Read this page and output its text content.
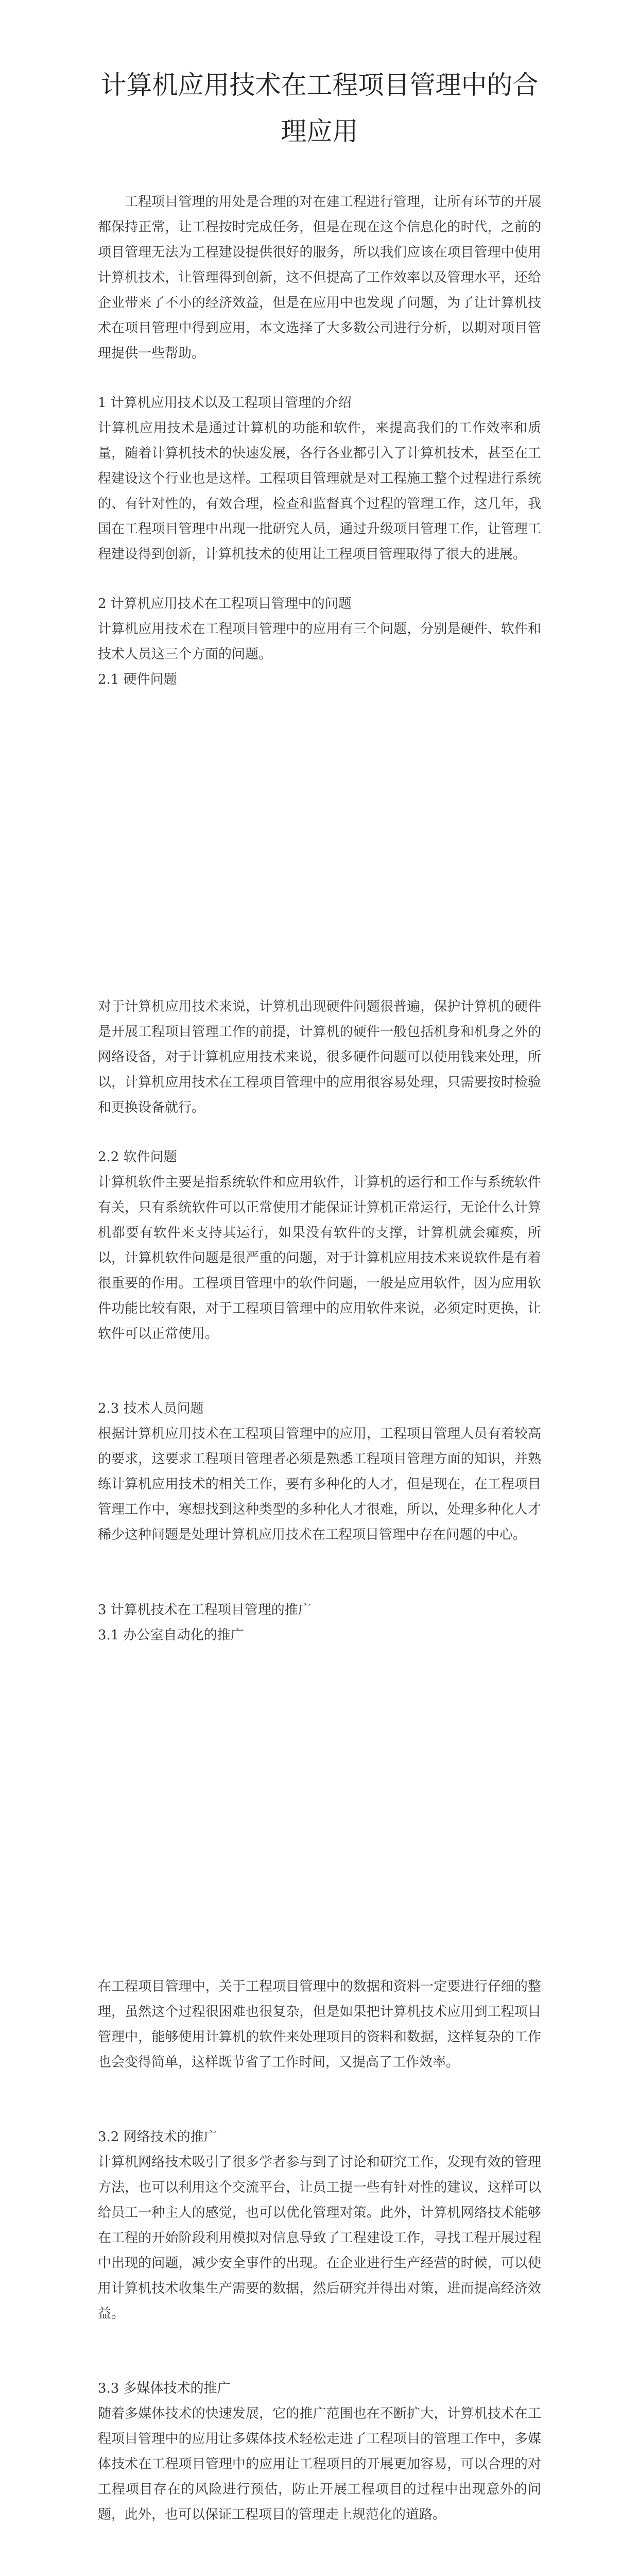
计算机应用技术在工程项目管理中的合理应用

工程项目管理的用处是合理的对在建工程进行管理，让所有环节的开展都保持正常，让工程按时完成任务，但是在现在这个信息化的时代，之前的项目管理无法为工程建设提供很好的服务，所以我们应该在项目管理中使用计算机技术，让管理得到创新，这不但提高了工作效率以及管理水平，还给企业带来了不小的经济效益，但是在应用中也发现了问题，为了让计算机技术在项目管理中得到应用，本文选择了大多数公司进行分析，以期对项目管理提供一些帮助。

1 计算机应用技术以及工程项目管理的介绍

计算机应用技术是通过计算机的功能和软件，来提高我们的工作效率和质量，随着计算机技术的快速发展，各行各业都引入了计算机技术，甚至在工程建设这个行业也是这样。工程项目管理就是对工程施工整个过程进行系统的、有针对性的，有效合理，检查和监督真个过程的管理工作，这几年，我国在工程项目管理中出现一批研究人员，通过升级项目管理工作，让管理工程建设得到创新，计算机技术的使用让工程项目管理取得了很大的进展。

2 计算机应用技术在工程项目管理中的问题

计算机应用技术在工程项目管理中的应用有三个问题，分别是硬件、软件和技术人员这三个方面的问题。

2.1 硬件问题

对于计算机应用技术来说，计算机出现硬件问题很普遍，保护计算机的硬件是开展工程项目管理工作的前提，计算机的硬件一般包括机身和机身之外的网络设备，对于计算机应用技术来说，很多硬件问题可以使用钱来处理，所以，计算机应用技术在工程项目管理中的应用很容易处理，只需要按时检验和更换设备就行。

2.2 软件问题

计算机软件主要是指系统软件和应用软件，计算机的运行和工作与系统软件有关，只有系统软件可以正常使用才能保证计算机正常运行，无论什么计算机都要有软件来支持其运行，如果没有软件的支撑，计算机就会瘫痪，所以，计算机软件问题是很严重的问题，对于计算机应用技术来说软件是有着很重要的作用。工程项目管理中的软件问题，一般是应用软件，因为应用软件功能比较有限，对于工程项目管理中的应用软件来说，必须定时更换，让软件可以正常使用。

2.3 技术人员问题

根据计算机应用技术在工程项目管理中的应用，工程项目管理人员有着较高的要求，这要求工程项目管理者必须是熟悉工程项目管理方面的知识，并熟练计算机应用技术的相关工作，要有多种化的人才，但是现在，在工程项目管理工作中，寒想找到这种类型的多种化人才很难，所以，处理多种化人才稀少这种问题是处理计算机应用技术在工程项目管理中存在问题的中心。

3 计算机技术在工程项目管理的推广

3.1 办公室自动化的推广

在工程项目管理中，关于工程项目管理中的数据和资料一定要进行仔细的整理，虽然这个过程很困难也很复杂，但是如果把计算机技术应用到工程项目管理中，能够使用计算机的软件来处理项目的资料和数据，这样复杂的工作也会变得简单，这样既节省了工作时间，又提高了工作效率。

3.2 网络技术的推广

计算机网络技术吸引了很多学者参与到了讨论和研究工作，发现有效的管理方法，也可以利用这个交流平台，让员工提一些有针对性的建议，这样可以给员工一种主人的感觉，也可以优化管理对策。此外，计算机网络技术能够在工程的开始阶段利用模拟对信息导致了工程建设工作，寻找工程开展过程中出现的问题，减少安全事件的出现。在企业进行生产经营的时候，可以使用计算机技术收集生产需要的数据，然后研究并得出对策，进而提高经济效益。

3.3 多媒体技术的推广

随着多媒体技术的快速发展，它的推广范围也在不断扩大，计算机技术在工程项目管理中的应用让多媒体技术轻松走进了工程项目的管理工作中，多媒体技术在工程项目管理中的应用让工程项目的开展更加容易，可以合理的对工程项目存在的风险进行预估，防止开展工程项目的过程中出现意外的问题，此外，也可以保证工程项目的管理走上规范化的道路。
